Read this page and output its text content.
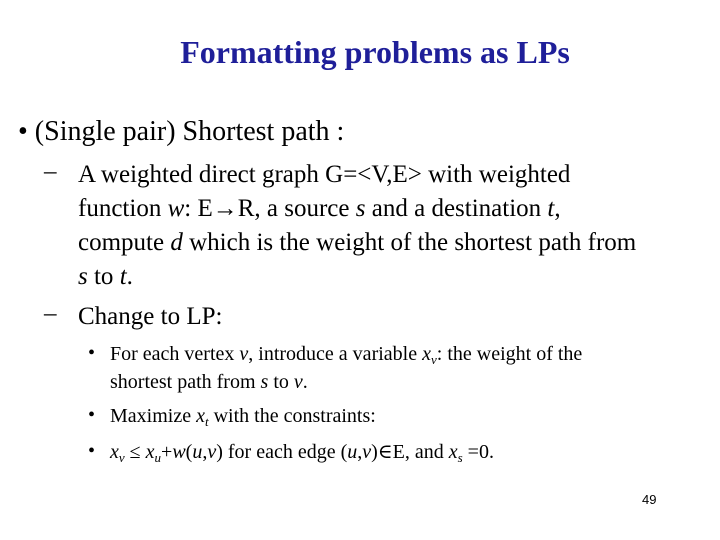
Formatting problems as LPs
• (Single pair) Shortest path :
– A weighted direct graph G=<V,E> with weighted
function w: E→R, a source s and a destination t,
compute d which is the weight of the shortest path from
s to t.
– Change to LP:
• For each vertex v, introduce a variable $x_v$: the weight of the
shortest path from s to v.
• Maximize $x_t$ with the constraints:
• $x_v \le x_u+w(u,v)$ for each edge (u,v)∈E, and $x_s =0$.
49
